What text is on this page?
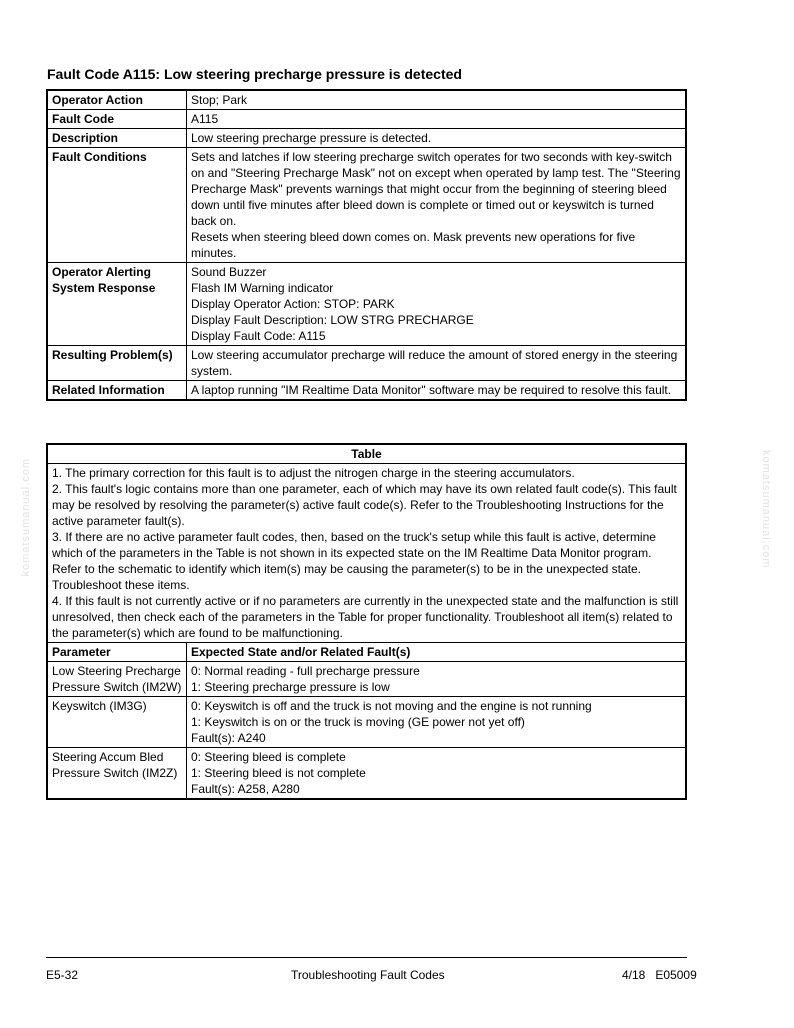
Fault Code A115: Low steering precharge pressure is detected
Operator Action	Stop; Park

Fault Code	A115

Description	Low steering precharge pressure is detected.

Fault Conditions	Sets and latches if low steering precharge switch operates for two seconds with key-switch on and "Steering Precharge Mask" not on except when operated by lamp test. The "Steering Precharge Mask" prevents warnings that might occur from the beginning of steering bleed down until five minutes after bleed down is complete or timed out or keyswitch is turned back on.
Resets when steering bleed down comes on. Mask prevents new operations for five minutes.

Operator Alerting System Response	Sound Buzzer
Flash IM Warning indicator
Display Operator Action: STOP: PARK
Display Fault Description: LOW STRG PRECHARGE
Display Fault Code: A115

Resulting Problem(s)	Low steering accumulator precharge will reduce the amount of stored energy in the steering system.

Related Information	A laptop running "IM Realtime Data Monitor" software may be required to resolve this fault.
Table	

1. The primary correction for this fault is to adjust the nitrogen charge in the steering accumulators.
2. This fault's logic contains more than one parameter, each of which may have its own related fault code(s). This fault may be resolved by resolving the parameter(s) active fault code(s). Refer to the Troubleshooting Instructions for the active parameter fault(s).
3. If there are no active parameter fault codes, then, based on the truck's setup while this fault is active, determine which of the parameters in the Table is not shown in its expected state on the IM Realtime Data Monitor program. Refer to the schematic to identify which item(s) may be causing the parameter(s) to be in the unexpected state. Troubleshoot these items.
4. If this fault is not currently active or if no parameters are currently in the unexpected state and the malfunction is still unresolved, then check each of the parameters in the Table for proper functionality. Troubleshoot all item(s) related to the parameter(s) which are found to be malfunctioning.	

Parameter	Expected State and/or Related Fault(s)
Low Steering Precharge Pressure Switch (IM2W)	0: Normal reading - full precharge pressure
1: Steering precharge pressure is low

Keyswitch (IM3G)	0: Keyswitch is off and the truck is not moving and the engine is not running
1: Keyswitch is on or the truck is moving (GE power not yet off)
Fault(s): A240

Steering Accum Bled Pressure Switch (IM2Z)	0: Steering bleed is complete
1: Steering bleed is not complete
Fault(s): A258, A280
komatsumanual.com	komatsumanual.com
E5-32	Troubleshooting Fault Codes	4/18 E05009
